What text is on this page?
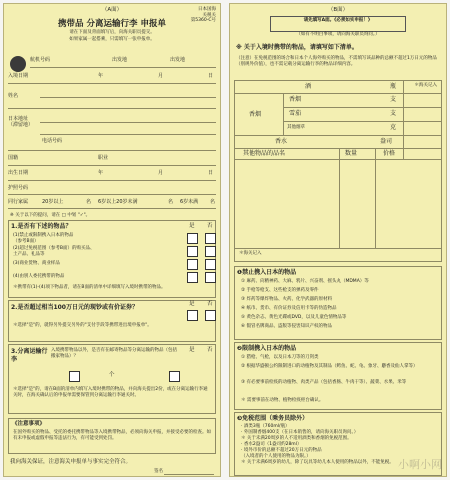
（A面）	日本国海
关税关
第5360-C号
携带品 分离运输行李 申报单
请在下面及背面填写后，向海关职员提交。
如果家属一起搭乘，只需填写一张申报单。
航机号码	出发地	出发地
入境日期	年	月	日
姓名
日本地址
（滞留地）
电话号码
国籍	职业
出生日期	年	月	日
护照号码
同行家属	20岁以上	名 6岁以上20岁未满	名 6岁未满 名
※ 关于以下的提问，请在 □ 中划 "✓"。
1.是否有下述的物品？	是 否
(1)禁止或限制携入日本的物品
（参考B面）
(2)超过免税范围（参考B面）的购买品、
土产品、礼品等
(3)商业货物、商业样品
(4)由别人委托携带的物品
＊携带有(1)-(4)项下物品者，请在B面的清单中详细填写入境时携带的物品。
2.是否超过相当100万日元的现钞或有价证券？	是 否
＊选择"是"的，就得另外提交另外的"支付手段等携带进出境申报单"。
3.分离运输行李
入境携带物品以外，是否有在邮寄物品等分离运输的物品（包括搬家物品）？
是 否
个
＊选择"是"的，请在B面的清单内填写入境时携带的物品，并向海关提出2份，或在分离运输行李通关时，在海关确认后的申报单需要保管到分离运输行李通关时。
《注意事项》
在国外购买的物品、受托的委托携带物品等入境携带物品，必须向海关申报，并接受必要的检查。如有未申报或虚假申报等违法行为，有可能受到处罚。
我向海关保证，注意海关申报单与事实完全符合。
签名
（B面）
请先填写A面。《必须如实申报！》
（如有不明白事项，请向海关职员询问。）
※ 关于入境时携带的物品，请填写如下清单。
（注意）在免税范围的场合和日本个人海外购买的物品，不需填写该品种的总额不超过1万日元的物品（别规外价值），也不需记载分离运输行李的物品详细内容。
＊海关记入
酒	瓶
香烟
香烟	支
雪茄	支
其他烟草	克
香水	盎司
其他物品的品名	数量	价格
＊海关记入
❶禁止携入日本的物品
① 麻药、向精神药、大麻、鸦片、兴奋剂、摇头丸（MDMA）等
② 手枪等枪支、这些枪支的弹药及零件
③ 炸药等爆炸物品、火药、化学武器的原材料
④ 纸币、货币、有价证券及信用卡等的伪造物品
⑤ 黄色杂志、黄色光碟或DVD，以及儿童色情物品等
⑥ 假冒名牌商品、盗版等侵害知识产权的物品
❷限制携入日本的物品
① 猎枪、气枪，以及日本刀等的刀剑类
② 根据华盛顿公约限制进口的动植物及其制品（鳄鱼、蛇、龟、象牙、麝香及仙人掌等）
③ 有必要事前检疫的动植物、肉类产品（包括香肠、牛肉干等）、蔬菜、水果、米等
＊ 需要事前在动物、植物检疫柜台确认。
❸免税范围（乘务员除外）
· 酒类3瓶（760ml/瓶）
· 外国制香烟400支（在日本销售的，请向海关职员询问。）
＊ 关于未满20周岁的人不适用酒类和香烟的免税范围。
· 香水2盎司（1盎司约28ml）
· 境外市价的总额不超过20万日元的物品
（入境者的个人使用的物品为限。）
＊ 关于未满6周岁的幼儿，除了玩具等幼儿本人使用的物品以外，不能免税。 小啊小网
